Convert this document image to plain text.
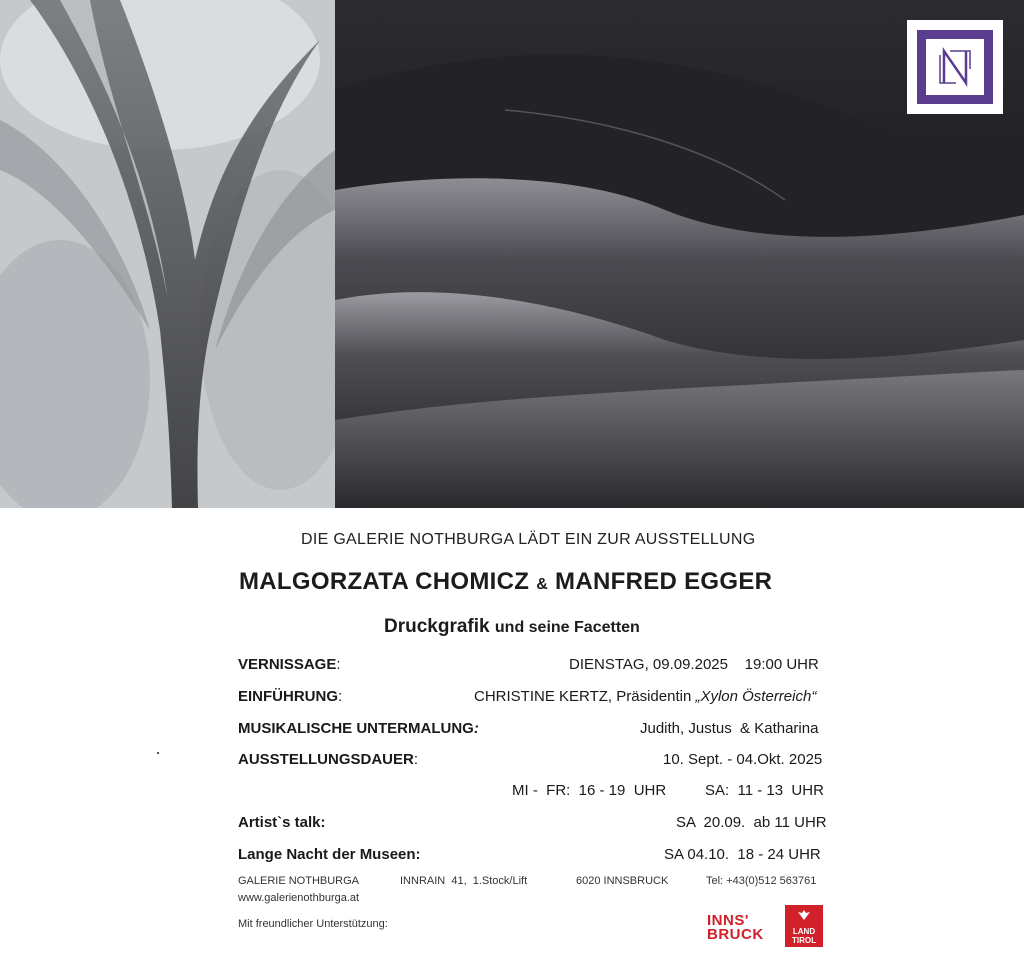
DIE GALERIE NOTHBURGA LÄDT EIN ZUR AUSSTELLUNG
MALGORZATA CHOMICZ & MANFRED EGGER
Druckgrafik und seine Facetten
VERNISSAGE:	DIENSTAG, 09.09.2025    19:00 UHR
EINFÜHRUNG:	CHRISTINE KERTZ, Präsidentin „Xylon Österreich“
MUSIKALISCHE UNTERMALUNG:	Judith, Justus  & Katharina
AUSSTELLUNGSDAUER:	10. Sept. - 04.Okt. 2025
MI -  FR:  16 - 19  UHR	SA:  11 - 13  UHR
Artist`s talk:	SA  20.09.  ab 11 UHR
Lange Nacht der Museen:	SA 04.10.  18 - 24 UHR
GALERIE NOTHBURGA	INNRAIN  41,  1.Stock/Lift	6020 INNSBRUCK	Tel: +43(0)512 563761
www.galerienothburga.at
Mit freundlicher Unterstützung:	INNS'
BRUCK	LAND
TIROL
